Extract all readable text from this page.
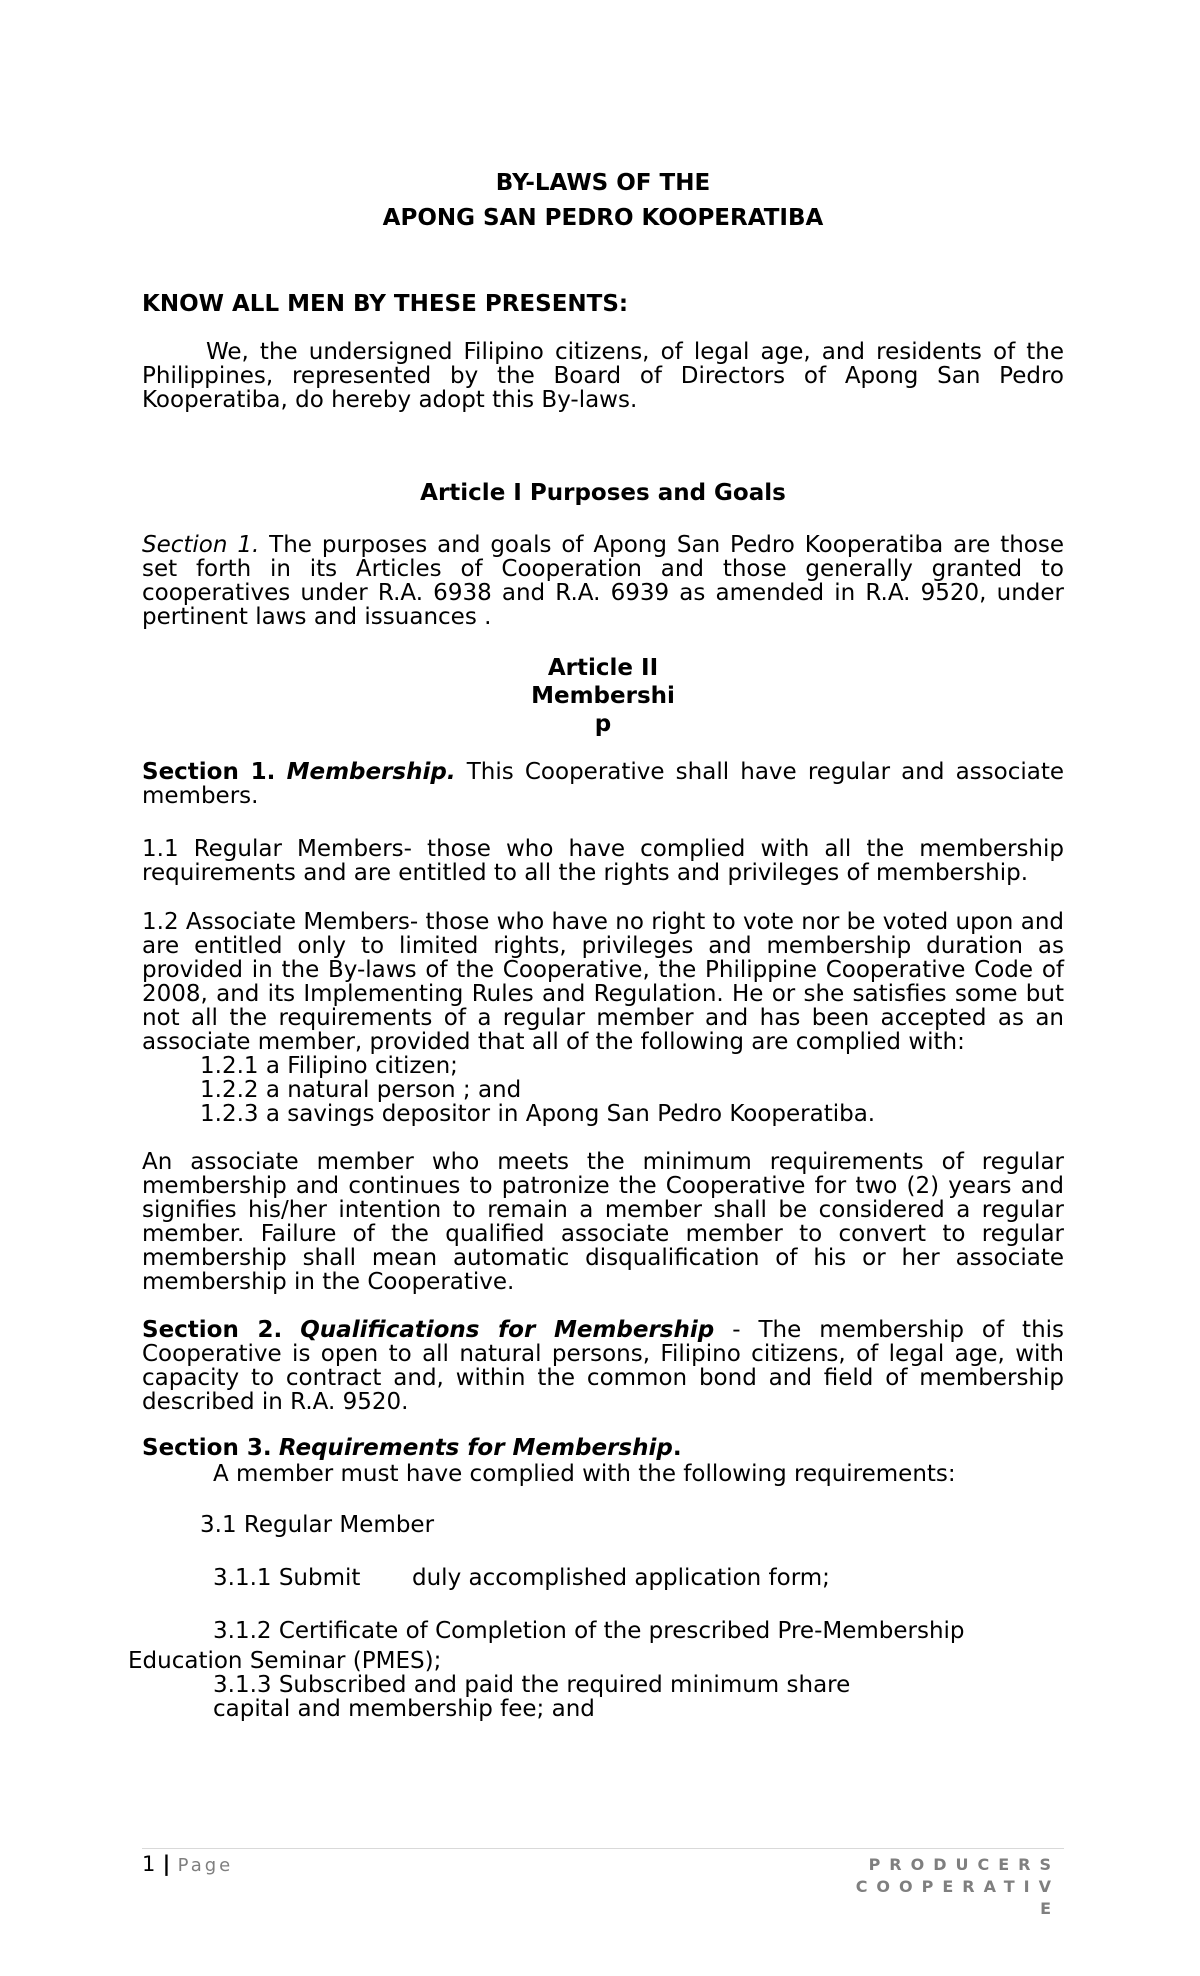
BY-LAWS OF THE
APONG SAN PEDRO KOOPERATIBA
KNOW ALL MEN BY THESE PRESENTS:

We, the undersigned Filipino citizens, of legal age, and residents of the Philippines, represented by the Board of Directors of Apong San Pedro Kooperatiba, do hereby adopt this By-laws.

Article I Purposes and Goals

Section 1. The purposes and goals of Apong San Pedro Kooperatiba are those set forth in its Articles of Cooperation and those generally granted to cooperatives under R.A. 6938 and R.A. 6939 as amended in R.A. 9520, under pertinent laws and issuances .

Article II
Membershi
p

Section 1. Membership. This Cooperative shall have regular and associate members.

1.1 Regular Members- those who have complied with all the membership requirements and are entitled to all the rights and privileges of membership.

1.2 Associate Members- those who have no right to vote nor be voted upon and are entitled only to limited rights, privileges and membership duration as provided in the By-laws of the Cooperative, the Philippine Cooperative Code of 2008, and its Implementing Rules and Regulation. He or she satisfies some but not all the requirements of a regular member and has been accepted as an associate member, provided that all of the following are complied with:

1.2.1 a Filipino citizen;
1.2.2 a natural person ; and
1.2.3 a savings depositor in Apong San Pedro Kooperatiba.

An associate member who meets the minimum requirements of regular membership and continues to patronize the Cooperative for two (2) years and signifies his/her intention to remain a member shall be considered a regular member. Failure of the qualified associate member to convert to regular membership shall mean automatic disqualification of his or her associate membership in the Cooperative.

Section 2. Qualifications for Membership - The membership of this Cooperative is open to all natural persons, Filipino citizens, of legal age, with capacity to contract and, within the common bond and field of membership described in R.A. 9520.

Section 3. Requirements for Membership.
A member must have complied with the following requirements:
3.1 Regular Member
3.1.1 Submit duly accomplished application form;
3.1.2 Certificate of Completion of the prescribed Pre-Membership
Education Seminar (PMES);
3.1.3 Subscribed and paid the required minimum share
capital and membership fee; and
1 | Page	PRODUCERS COOPERATIV
E
